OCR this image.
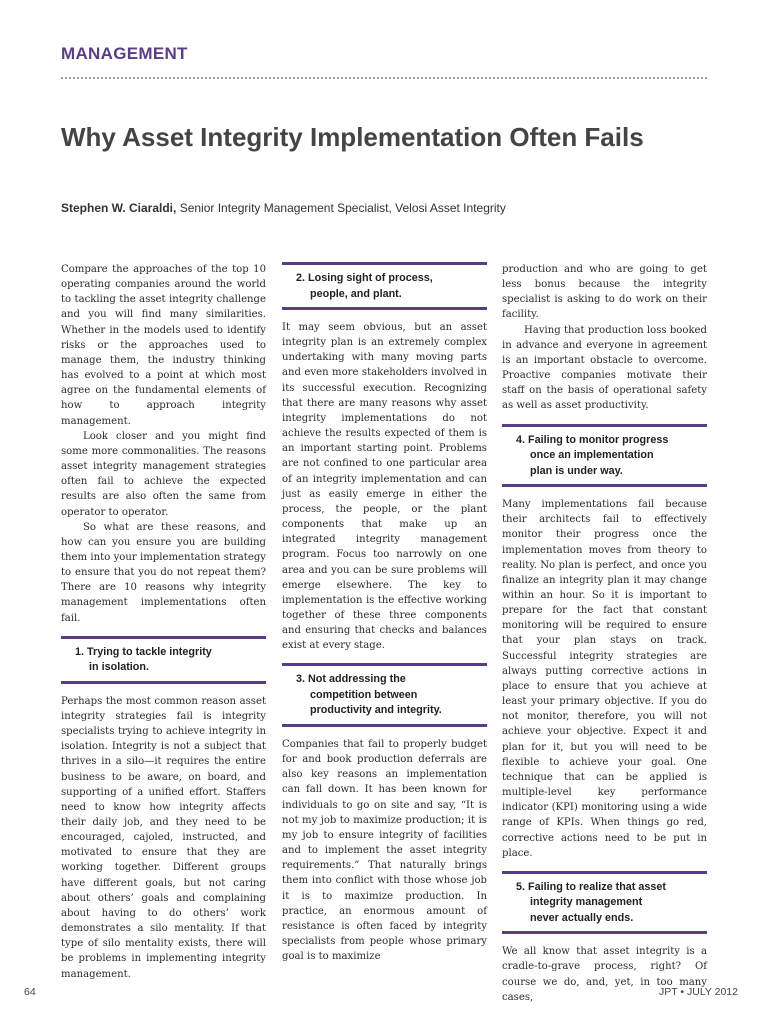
MANAGEMENT
Why Asset Integrity Implementation Often Fails
Stephen W. Ciaraldi, Senior Integrity Management Specialist, Velosi Asset Integrity

Compare the approaches of the top 10 operating companies around the world to tackling the asset integrity challenge and you will find many similarities. Whether in the models used to identify risks or the approaches used to manage them, the industry thinking has evolved to a point at which most agree on the fundamental elements of how to approach integrity management.

Look closer and you might find some more commonalities. The reasons asset integrity management strategies often fail to achieve the expected results are also often the same from operator to operator.

So what are these reasons, and how can you ensure you are building them into your implementation strategy to ensure that you do not repeat them? There are 10 reasons why integrity management implementations often fail.

1. Trying to tackle integrity
in isolation.

Perhaps the most common reason asset integrity strategies fail is integrity specialists trying to achieve integrity in isolation. Integrity is not a subject that thrives in a silo—it requires the entire business to be aware, on board, and supporting of a unified effort. Staffers need to know how integrity affects their daily job, and they need to be encouraged, cajoled, instructed, and motivated to ensure that they are working together. Different groups have different goals, but not caring about others’ goals and complaining about having to do others’ work demonstrates a silo mentality. If that type of silo mentality exists, there will be problems in implementing integrity management.

2. Losing sight of process,
people, and plant.

It may seem obvious, but an asset integrity plan is an extremely complex undertaking with many moving parts and even more stakeholders involved in its successful execution. Recognizing that there are many reasons why asset integrity implementations do not achieve the results expected of them is an important starting point. Problems are not confined to one particular area of an integrity implementation and can just as easily emerge in either the process, the people, or the plant components that make up an integrated integrity management program. Focus too narrowly on one area and you can be sure problems will emerge elsewhere. The key to implementation is the effective working together of these three components and ensuring that checks and balances exist at every stage.

3. Not addressing the
competition between
productivity and integrity.

Companies that fail to properly budget for and book production deferrals are also key reasons an implementation can fall down. It has been known for individuals to go on site and say, “It is not my job to maximize production; it is my job to ensure integrity of facilities and to implement the asset integrity requirements.” That naturally brings them into conflict with those whose job it is to maximize production. In practice, an enormous amount of resistance is often faced by integrity specialists from people whose primary goal is to maximize

production and who are going to get less bonus because the integrity specialist is asking to do work on their facility.

Having that production loss booked in advance and everyone in agreement is an important obstacle to overcome. Proactive companies motivate their staff on the basis of operational safety as well as asset productivity.

4. Failing to monitor progress
once an implementation
plan is under way.

Many implementations fail because their architects fail to effectively monitor their progress once the implementation moves from theory to reality. No plan is perfect, and once you finalize an integrity plan it may change within an hour. So it is important to prepare for the fact that constant monitoring will be required to ensure that your plan stays on track. Successful integrity strategies are always putting corrective actions in place to ensure that you achieve at least your primary objective. If you do not monitor, therefore, you will not achieve your objective. Expect it and plan for it, but you will need to be flexible to achieve your goal. One technique that can be applied is multiple-level key performance indicator (KPI) monitoring using a wide range of KPIs. When things go red, corrective actions need to be put in place.

5. Failing to realize that asset
integrity management
never actually ends.

We all know that asset integrity is a cradle-to-grave process, right? Of course we do, and, yet, in too many cases,

64	JPT • JULY 2012
